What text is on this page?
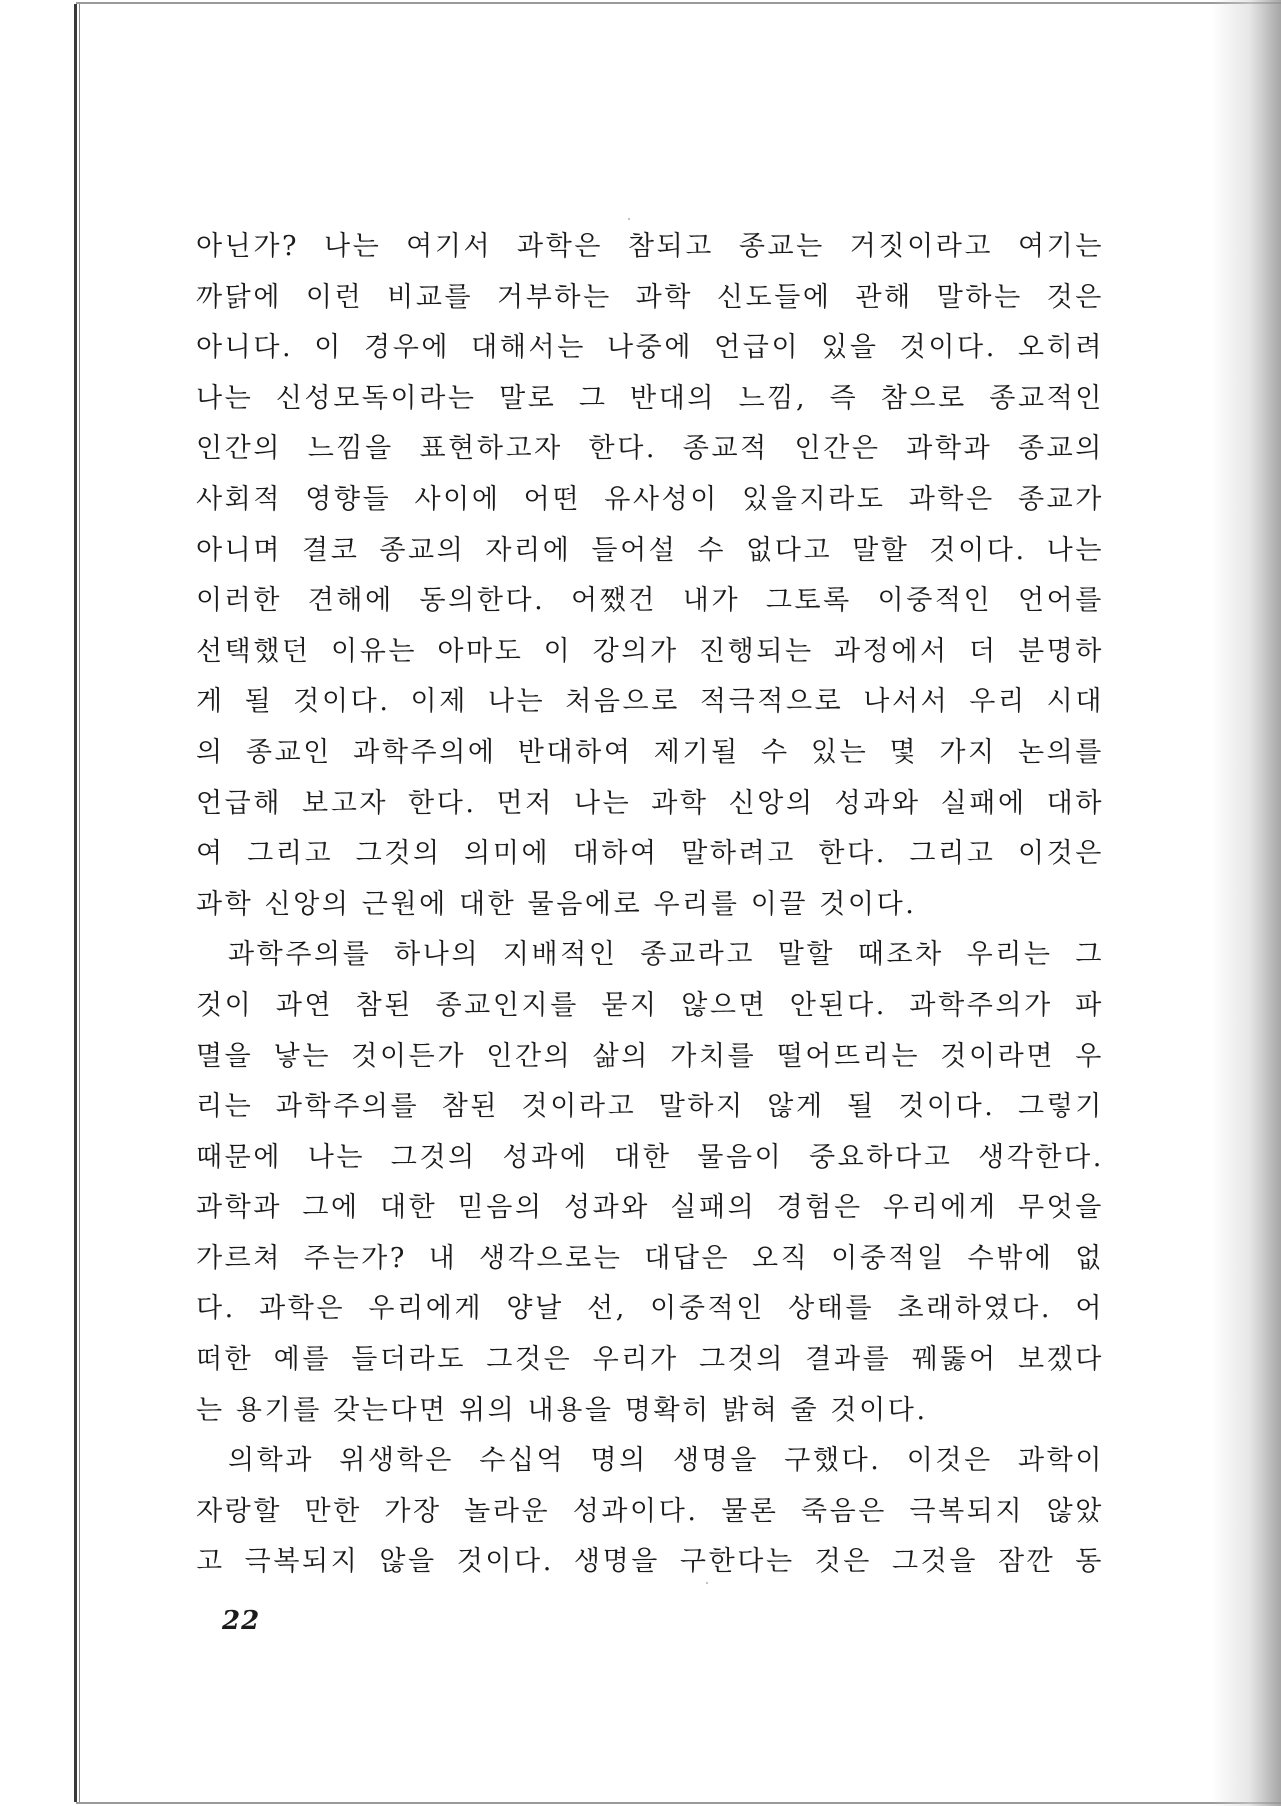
아닌가? 나는 여기서 과학은 참되고 종교는 거짓이라고 여기는
까닭에 이런 비교를 거부하는 과학 신도들에 관해 말하는 것은
아니다. 이 경우에 대해서는 나중에 언급이 있을 것이다. 오히려
나는 신성모독이라는 말로 그 반대의 느낌, 즉 참으로 종교적인
인간의 느낌을 표현하고자 한다. 종교적 인간은 과학과 종교의
사회적 영향들 사이에 어떤 유사성이 있을지라도 과학은 종교가
아니며 결코 종교의 자리에 들어설 수 없다고 말할 것이다. 나는
이러한 견해에 동의한다. 어쨌건 내가 그토록 이중적인 언어를
선택했던 이유는 아마도 이 강의가 진행되는 과정에서 더 분명하
게 될 것이다. 이제 나는 처음으로 적극적으로 나서서 우리 시대
의 종교인 과학주의에 반대하여 제기될 수 있는 몇 가지 논의를
언급해 보고자 한다. 먼저 나는 과학 신앙의 성과와 실패에 대하
여 그리고 그것의 의미에 대하여 말하려고 한다. 그리고 이것은
과학 신앙의 근원에 대한 물음에로 우리를 이끌 것이다.
과학주의를 하나의 지배적인 종교라고 말할 때조차 우리는 그
것이 과연 참된 종교인지를 묻지 않으면 안된다. 과학주의가 파
멸을 낳는 것이든가 인간의 삶의 가치를 떨어뜨리는 것이라면 우
리는 과학주의를 참된 것이라고 말하지 않게 될 것이다. 그렇기
때문에 나는 그것의 성과에 대한 물음이 중요하다고 생각한다.
과학과 그에 대한 믿음의 성과와 실패의 경험은 우리에게 무엇을
가르쳐 주는가? 내 생각으로는 대답은 오직 이중적일 수밖에 없
다. 과학은 우리에게 양날 선, 이중적인 상태를 초래하였다. 어
떠한 예를 들더라도 그것은 우리가 그것의 결과를 꿰뚫어 보겠다
는 용기를 갖는다면 위의 내용을 명확히 밝혀 줄 것이다.
의학과 위생학은 수십억 명의 생명을 구했다. 이것은 과학이
자랑할 만한 가장 놀라운 성과이다. 물론 죽음은 극복되지 않았
고 극복되지 않을 것이다. 생명을 구한다는 것은 그것을 잠깐 동
22
